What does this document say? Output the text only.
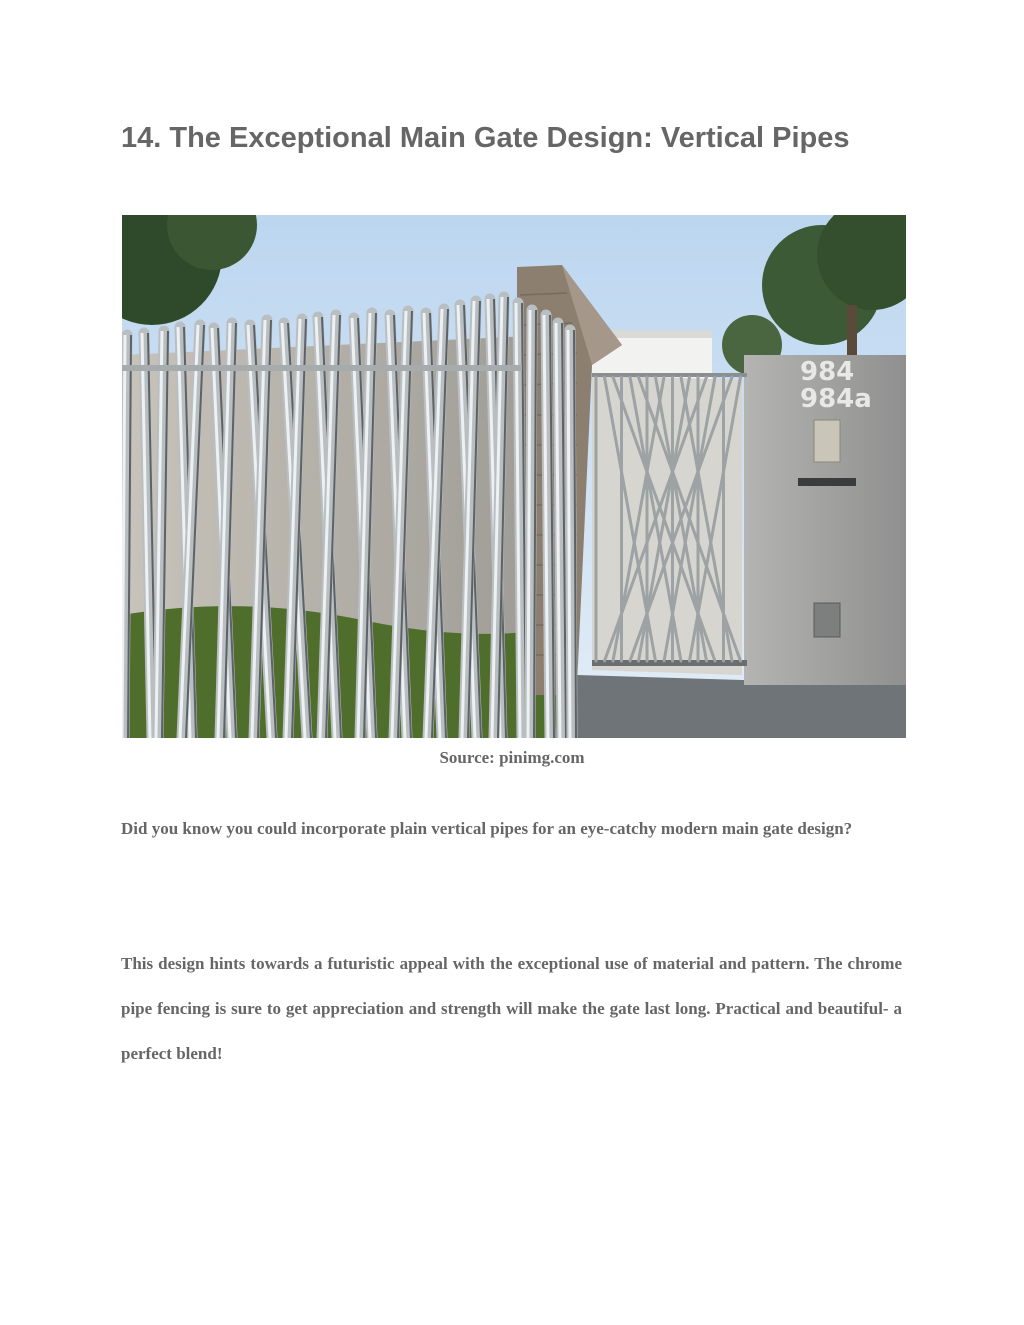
14. The Exceptional Main Gate Design: Vertical Pipes
984
984a
Source: pinimg.com

Did you know you could incorporate plain vertical pipes for an eye-catchy modern main gate design?

This design hints towards a futuristic appeal with the exceptional use of material and pattern. The chrome pipe fencing is sure to get appreciation and strength will make the gate last long. Practical and beautiful- a perfect blend!
